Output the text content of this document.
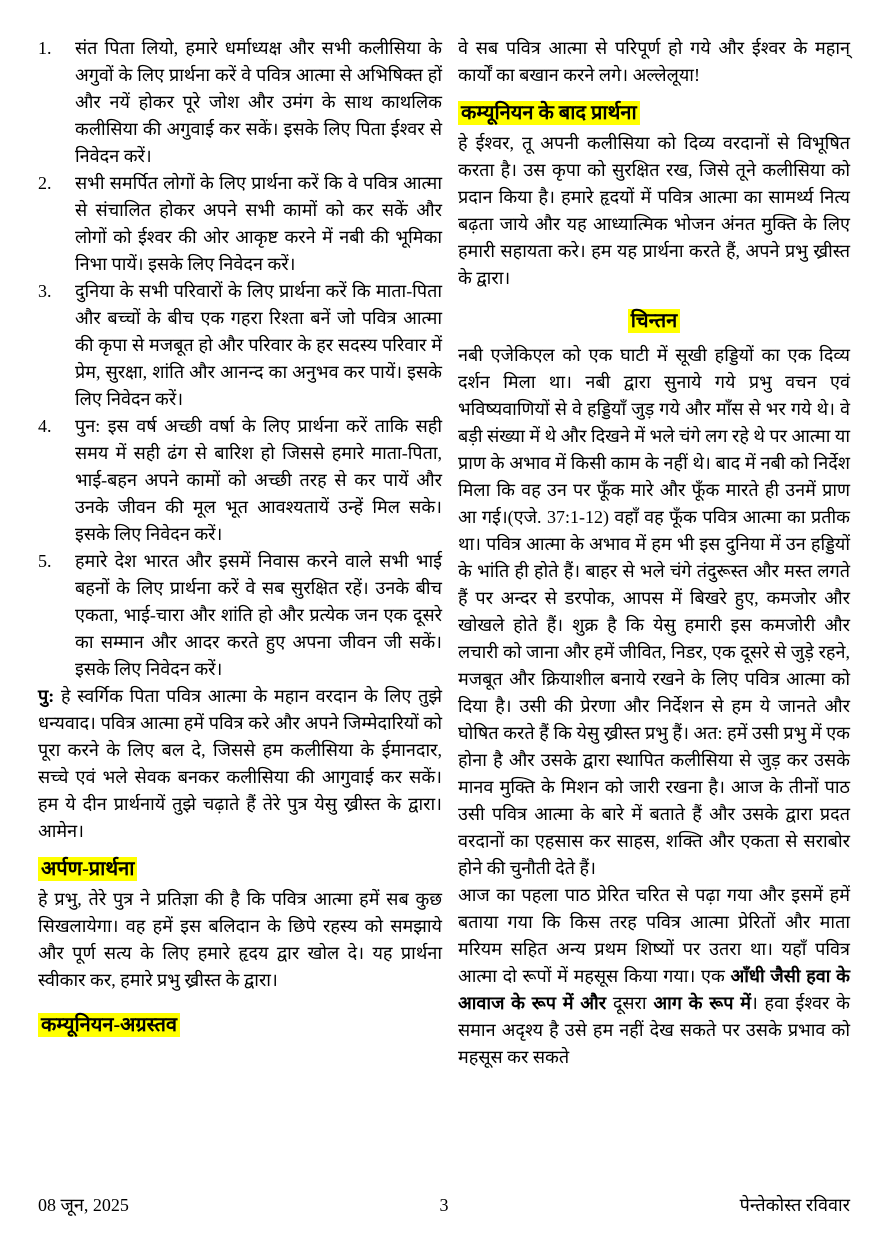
1.	संत पिता लियो, हमारे धर्माध्यक्ष और सभी कलीसिया के अगुवों के लिए प्रार्थना करें वे पवित्र आत्मा से अभिषिक्त हों और नयें होकर पूरे जोश और उमंग के साथ काथलिक कलीसिया की अगुवाई कर सकें। इसके लिए पिता ईश्वर से निवेदन करें।
2.	सभी समर्पित लोगों के लिए प्रार्थना करें कि वे पवित्र आत्मा से संचालित होकर अपने सभी कामों को कर सकें और लोगों को ईश्वर की ओर आकृष्ट करने में नबी की भूमिका निभा पायें। इसके लिए निवेदन करें।
3.	दुनिया के सभी परिवारों के लिए प्रार्थना करें कि माता-पिता और बच्चों के बीच एक गहरा रिश्ता बनें जो पवित्र आत्मा की कृपा से मजबूत हो और परिवार के हर सदस्य परिवार में प्रेम, सुरक्षा, शांति और आनन्द का अनुभव कर पायें। इसके लिए निवेदन करें।
4.	पुन: इस वर्ष अच्छी वर्षा के लिए प्रार्थना करें ताकि सही समय में सही ढंग से बारिश हो जिससे हमारे माता-पिता, भाई-बहन अपने कामों को अच्छी तरह से कर पायें और उनके जीवन की मूल भूत आवश्यतायें उन्हें मिल सके। इसके लिए निवेदन करें।
5.	हमारे देश भारत और इसमें निवास करने वाले सभी भाई बहनों के लिए प्रार्थना करें वे सब सुरक्षित रहें। उनके बीच एकता, भाई-चारा और शांति हो और प्रत्येक जन एक दूसरे का सम्मान और आदर करते हुए अपना जीवन जी सकें। इसके लिए निवेदन करें।

पु: हे स्वर्गिक पिता पवित्र आत्मा के महान वरदान के लिए तुझे धन्यवाद। पवित्र आत्मा हमें पवित्र करे और अपने जिम्मेदारियों को पूरा करने के लिए बल दे, जिससे हम कलीसिया के ईमानदार, सच्चे एवं भले सेवक बनकर कलीसिया की आगुवाई कर सकें। हम ये दीन प्रार्थनायें तुझे चढ़ाते हैं तेरे पुत्र येसु ख्रीस्त के द्वारा। आमेन।

अर्पण-प्रार्थना

हे प्रभु, तेरे पुत्र ने प्रतिज्ञा की है कि पवित्र आत्मा हमें सब कुछ सिखलायेगा। वह हमें इस बलिदान के छिपे रहस्य को समझाये और पूर्ण सत्य के लिए हमारे हृदय द्वार खोल दे। यह प्रार्थना स्वीकार कर, हमारे प्रभु ख्रीस्त के द्वारा।

कम्यूनियन-अग्रस्तव

वे सब पवित्र आत्मा से परिपूर्ण हो गये और ईश्वर के महान् कार्यों का बखान करने लगे। अल्लेलूया!

कम्यूनियन के बाद प्रार्थना

हे ईश्वर, तू अपनी कलीसिया को दिव्य वरदानों से विभूषित करता है। उस कृपा को सुरक्षित रख, जिसे तूने कलीसिया को प्रदान किया है। हमारे हृदयों में पवित्र आत्मा का सामर्थ्य नित्य बढ़ता जाये और यह आध्यात्मिक भोजन अंनत मुक्ति के लिए हमारी सहायता करे। हम यह प्रार्थना करते हैं, अपने प्रभु ख्रीस्त के द्वारा।

चिन्तन

नबी एजेकिएल को एक घाटी में सूखी हड्डियों का एक दिव्य दर्शन मिला था। नबी द्वारा सुनाये गये प्रभु वचन एवं भविष्यवाणियों से वे हड्डियाँ जुड़ गये और माँस से भर गये थे। वे बड़ी संख्या में थे और दिखने में भले चंगे लग रहे थे पर आत्मा या प्राण के अभाव में किसी काम के नहीं थे। बाद में नबी को निर्देश मिला कि वह उन पर फूँक मारे और फूँक मारते ही उनमें प्राण आ गई।(एजे. 37:1-12) वहाँ वह फूँक पवित्र आत्मा का प्रतीक था। पवित्र आत्मा के अभाव में हम भी इस दुनिया में उन हड्डियों के भांति ही होते हैं। बाहर से भले चंगे तंदुरूस्त और मस्त लगते हैं पर अन्दर से डरपोक, आपस में बिखरे हुए, कमजोर और खोखले होते हैं। शुक्र है कि येसु हमारी इस कमजोरी और लचारी को जाना और हमें जीवित, निडर, एक दूसरे से जुड़े रहने, मजबूत और क्रियाशील बनाये रखने के लिए पवित्र आत्मा को दिया है। उसी की प्रेरणा और निर्देशन से हम ये जानते और घोषित करते हैं कि येसु ख्रीस्त प्रभु हैं। अत: हमें उसी प्रभु में एक होना है और उसके द्वारा स्थापित कलीसिया से जुड़ कर उसके मानव मुक्ति के मिशन को जारी रखना है। आज के तीनों पाठ उसी पवित्र आत्मा के बारे में बताते हैं और उसके द्वारा प्रदत वरदानों का एहसास कर साहस, शक्ति और एकता से सराबोर होने की चुनौती देते हैं।

आज का पहला पाठ प्रेरित चरित से पढ़ा गया और इसमें हमें बताया गया कि किस तरह पवित्र आत्मा प्रेरितों और माता मरियम सहित अन्य प्रथम शिष्यों पर उतरा था। यहाँ पवित्र आत्मा दो रूपों में महसूस किया गया। एक आँधी जैसी हवा के आवाज के रूप में और दूसरा आग के रूप में। हवा ईश्वर के समान अदृश्य है उसे हम नहीं देख सकते पर उसके प्रभाव को महसूस कर सकते

08 जून, 2025	3	पेन्तेकोस्त रविवार
